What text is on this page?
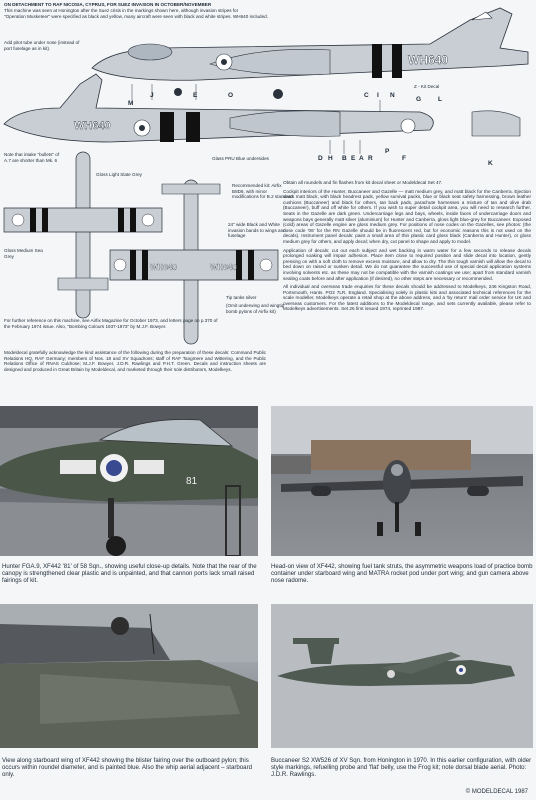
ON DETACHMENT TO RAF NICOSIA, CYPRUS, FOR SUEZ INVASION IN OCTOBER/NOVEMBER
This machine was seen at Honington after the Suez crisis in the markings shown here, although invasion stripes for
"Operation Musketeer" were specified as black and yellow, many aircraft were seen with black and white stripes. WH640 included.
WH640
WH640
M
J	E	O	C I N
D H B E A R
P
F
K
G	L
Add pitot tube under nose (instead of port fuselage as in kit).
Z - Kit Decal
Glass PRU Blue undersides
WH640	WH640
Note that intake "bullets" of A.7 are shorter than Mk. 6
Gloss Light Slate Grey
Recommended kit: Airfix B8D8, with minor modifications for B.2 standard
24" wide Black and White invasion bands to wings and fuselage
Gloss Medium Sea Grey
Tip tanks silver
(Omit underwing and wingtip bomb pylons of Airfix kit)
For further reference on this machine, see Airfix Magazine for October 1973, and letters page on p.370 of the February 1974 issue. Also, "Bombing Colours 1937-1973" by M.J.F. Bowyer.
Modeldecal gratefully acknowledge the kind assistance of the following during the preparation of these decals: Command Public Relations HQ, RAF Germany; members of Nos. 18 and XV Squadrons; staff of RAF Tangmere and Wittering, and the Public Relations Office of RNAS Culdrose; M.J.F. Bowyer, J.D.R. Rawlings and P.H.T. Green. Decals and instruction sheets are designed and produced in Great Britain by Modeldecal, and marketed through their sole distributors, Modelkeys.

Obtain all roundels and fin flashes from kit decal sheet or Modeldecal Set 47.

Cockpit interiors of the Hunter, Buccaneer and Gazelle — matt medium grey, and matt black for the Canberra. Ejection seats matt black, with black headrest pads, yellow survival packs, blue or black seat safety harnessing, brown leather cushions (Buccaneer) and black for others, tan back pads, parachute harnesses a mixture of tan and olive drab (Buccaneer), buff and off white for others. If you wish to super detail cockpit area, you will need to research further. Seats in the Gazelle are dark green. Undercarriage legs and bays, wheels, inside faces of undercarriage doors and weapons bays generally matt silver (aluminium) for Hunter and Canberra, gloss light blue-grey for Buccaneer. Exposed (cold) areas of Gazelle engine are gloss medium grey. For positions of nose codes on the Gazelles, see photos: (the nose code '06' for the RN Gazelle should be in fluorescent red, but for economic reasons this is not used on the decals). Instrument panel decals: paint a small area of thin plastic card gloss black (Canberra and Hunter), or gloss medium grey for others, and apply decal; when dry, cut panel to shape and apply to model.

Application of decals: cut out each subject and wet backing in warm water for a few seconds to release decals prolonged soaking will impair adhesion. Place item close to required position and slide decal into location, gently pressing on with a soft cloth to remove excess moisture, and allow to dry. The thin tough varnish will allow the decal to bed down on raised or sunken detail. We do not guarantee the successful use of special decal application systems involving solvents etc. as these may not be compatible with the varnish coatings we use; apart from standard varnish sealing coats before and after application (if desired), no other steps are necessary or recommended.

All individual and overseas trade enquiries for these decals should be addressed to Modelkeys, 246 Kingston Road, Portsmouth, Hants. PO2 7LR, England. Specialising solely in plastic kits and associated technical references for the scale modeller, Modelkeys operate a retail shop at the above address, and a 'by return' mail order service for UK and overseas customers. For the latest additions to the Modeldecal range, and sets currently available, please refer to Modelkeys advertisements. Set 26 first issued 1974, reprinted 1987.

81
Hunter FGA.9, XF442 '81' of 58 Sqn., showing useful close-up details. Note that the rear of the canopy is strengthened clear plastic and is unpainted, and that cannon ports lack small raised fairings of kit.
Head-on view of XF442, showing fuel tank struts, the asymmetric weapons load of practice bomb container under starboard wing and MATRA rocket pod under port wing; and gun camera above nose radome.
View along starboard wing of XF442 showing the blister fairing over the outboard pylon; this occurs within roundel diameter, and is painted blue. Also the whip aerial adjacent – starboard only.
Buccaneer S2 XW526 of XV Sqn. from Honington in 1970. In this earlier configuration, with older style markings, refuelling probe and 'flat' belly, use the Frog kit; note dorsal blade aerial. Photo: J.D.R. Rawlings.
© MODELDECAL 1987
